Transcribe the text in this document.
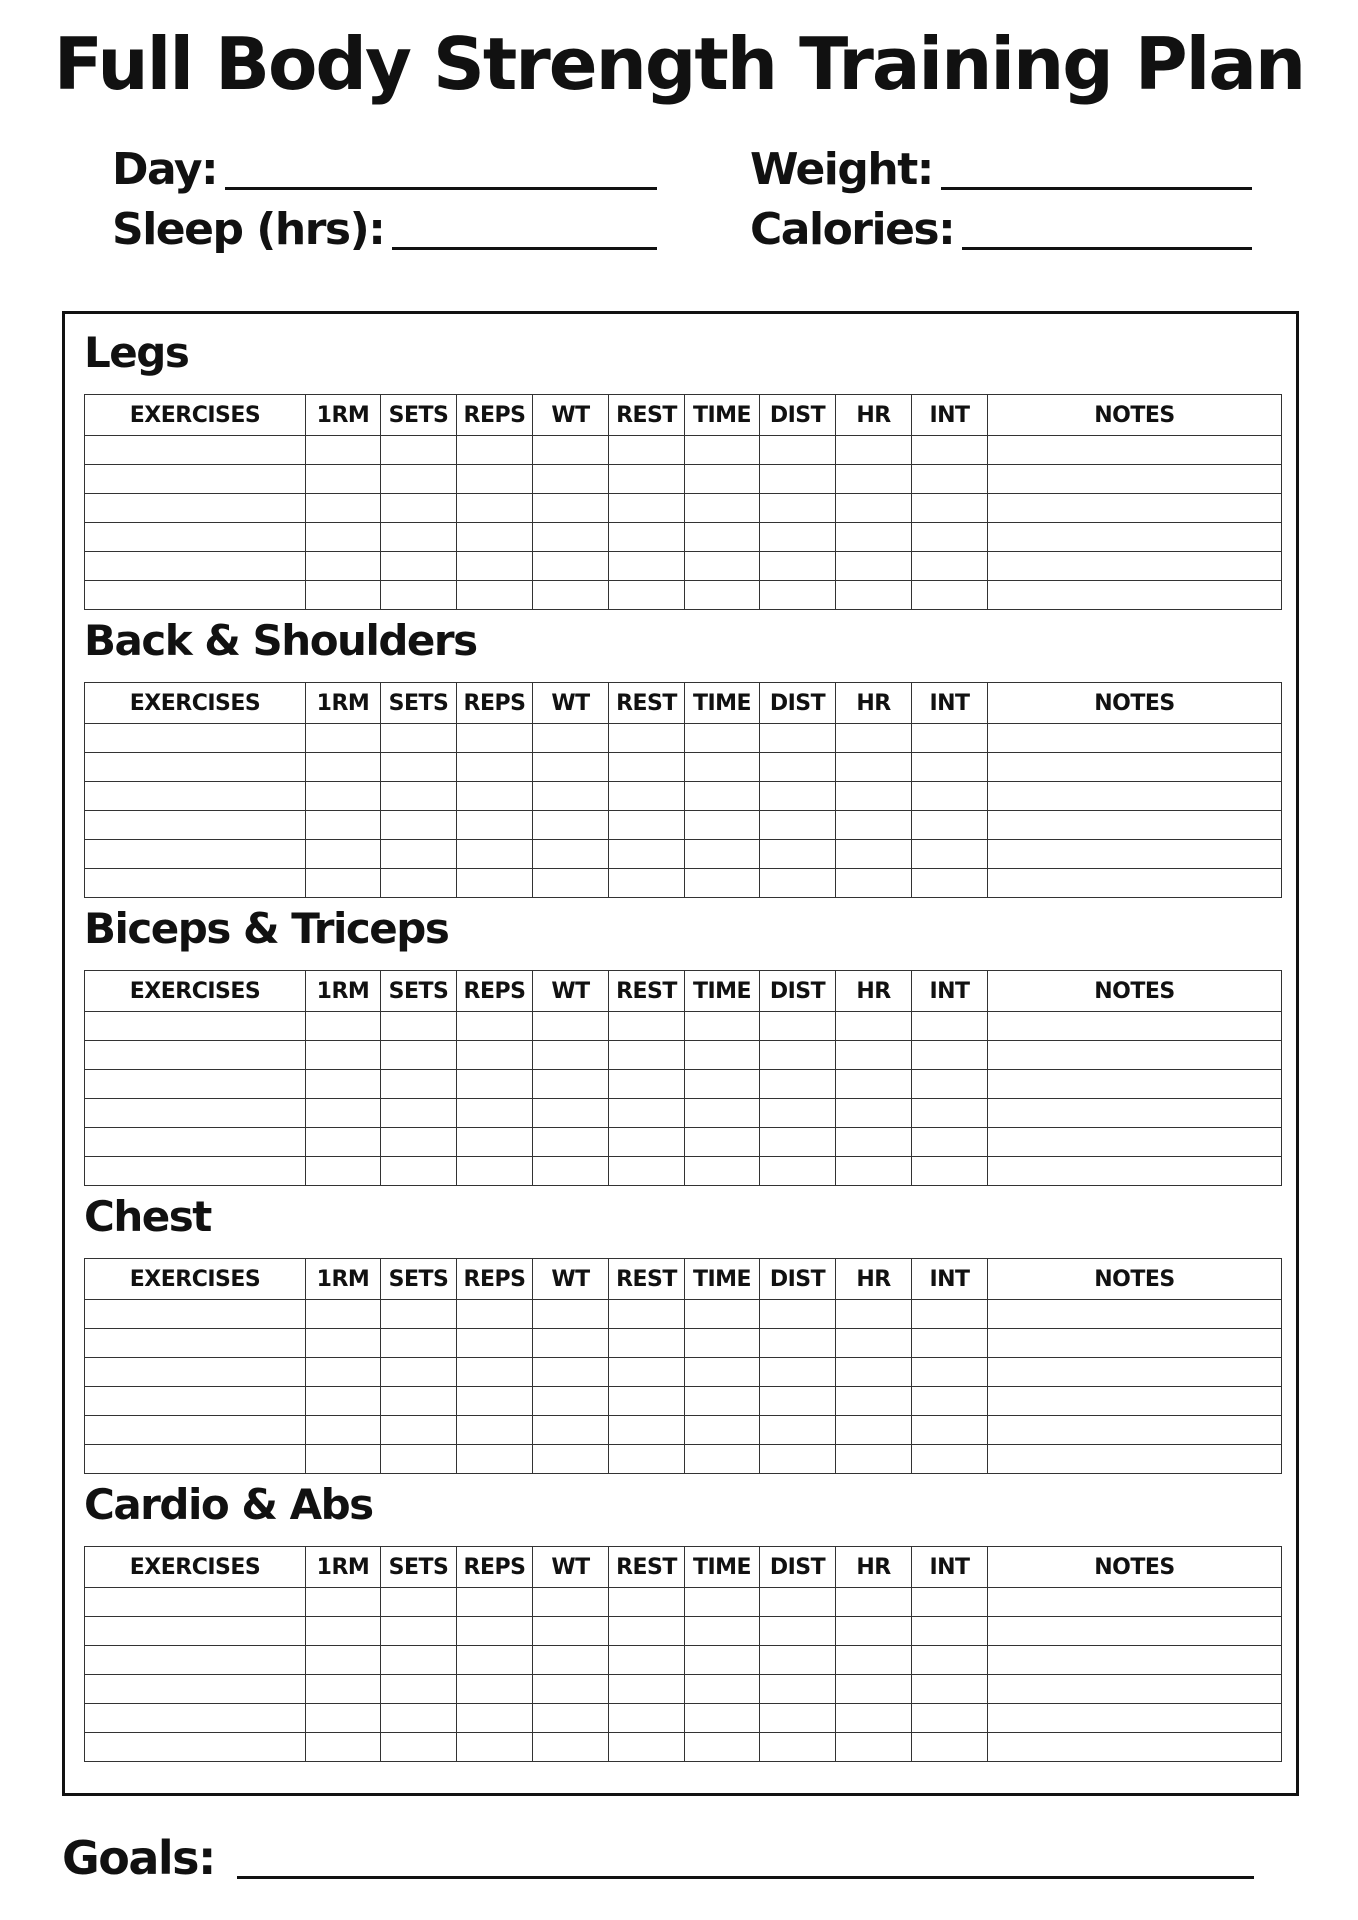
Full Body Strength Training Plan
Day:
Sleep (hrs):
Weight:
Calories:
Legs
EXERCISES	1RM	SETS	REPS	WT	REST	TIME	DIST	HR	INT	NOTES

Back & Shoulders
EXERCISES	1RM	SETS	REPS	WT	REST	TIME	DIST	HR	INT	NOTES

Biceps & Triceps
EXERCISES	1RM	SETS	REPS	WT	REST	TIME	DIST	HR	INT	NOTES

Chest
EXERCISES	1RM	SETS	REPS	WT	REST	TIME	DIST	HR	INT	NOTES

Cardio & Abs
EXERCISES	1RM	SETS	REPS	WT	REST	TIME	DIST	HR	INT	NOTES

Goals:
